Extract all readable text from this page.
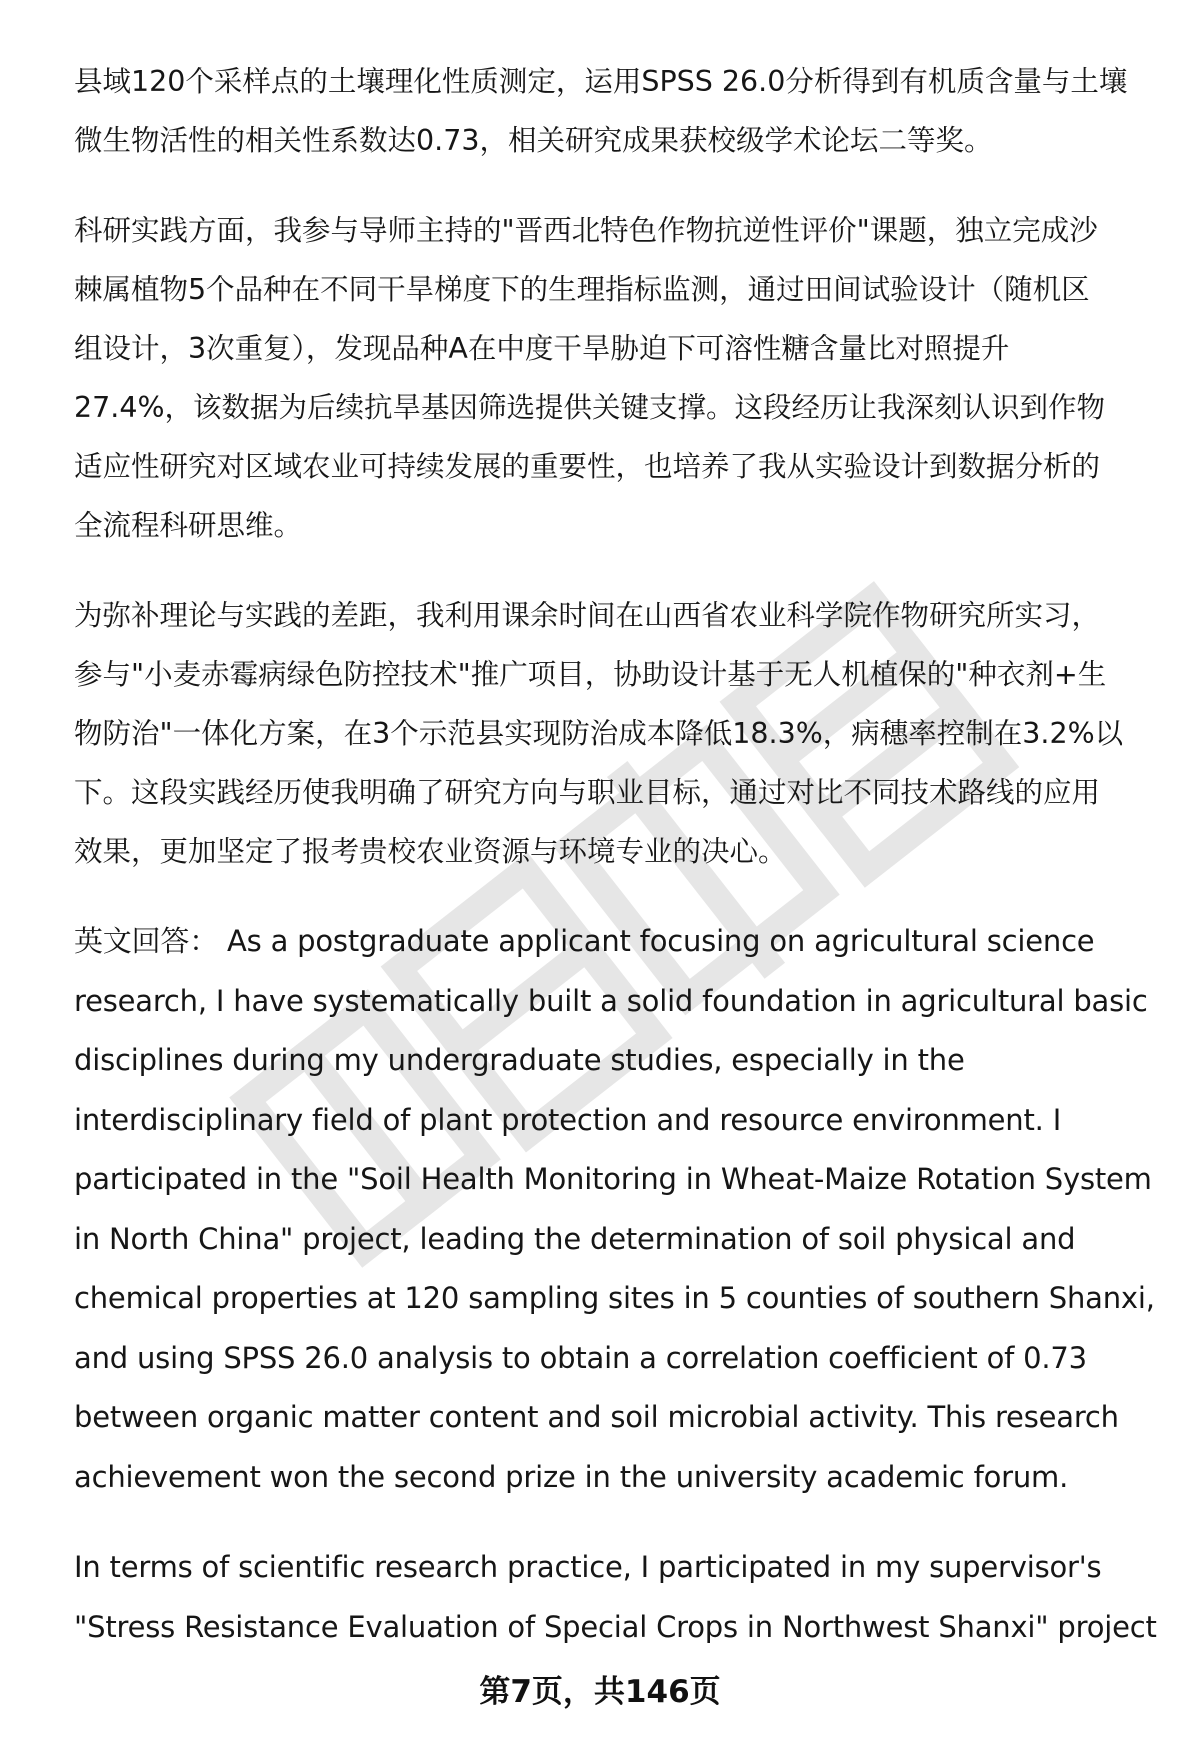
县域120个采样点的土壤理化性质测定，运用SPSS 26.0分析得到有机质含量与土壤
微生物活性的相关性系数达0.73，相关研究成果获校级学术论坛二等奖。

科研实践方面，我参与导师主持的"晋西北特色作物抗逆性评价"课题，独立完成沙
棘属植物5个品种在不同干旱梯度下的生理指标监测，通过田间试验设计（随机区
组设计，3次重复），发现品种A在中度干旱胁迫下可溶性糖含量比对照提升
27.4%，该数据为后续抗旱基因筛选提供关键支撑。这段经历让我深刻认识到作物
适应性研究对区域农业可持续发展的重要性，也培养了我从实验设计到数据分析的
全流程科研思维。

为弥补理论与实践的差距，我利用课余时间在山西省农业科学院作物研究所实习，
参与"小麦赤霉病绿色防控技术"推广项目，协助设计基于无人机植保的"种衣剂+生
物防治"一体化方案，在3个示范县实现防治成本降低18.3%，病穗率控制在3.2%以
下。这段实践经历使我明确了研究方向与职业目标，通过对比不同技术路线的应用
效果，更加坚定了报考贵校农业资源与环境专业的决心。

英文回答： As a postgraduate applicant focusing on agricultural science
research, I have systematically built a solid foundation in agricultural basic
disciplines during my undergraduate studies, especially in the
interdisciplinary field of plant protection and resource environment. I
participated in the "Soil Health Monitoring in Wheat-Maize Rotation System
in North China" project, leading the determination of soil physical and
chemical properties at 120 sampling sites in 5 counties of southern Shanxi,
and using SPSS 26.0 analysis to obtain a correlation coefficient of 0.73
between organic matter content and soil microbial activity. This research
achievement won the second prize in the university academic forum.

In terms of scientific research practice, I participated in my supervisor's
"Stress Resistance Evaluation of Special Crops in Northwest Shanxi" project

第7页，共146页
